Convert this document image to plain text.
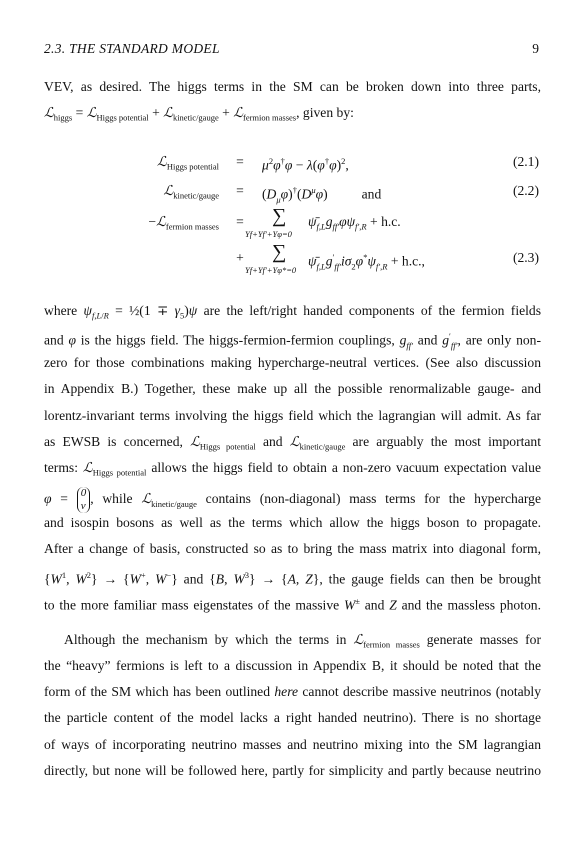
2.3. THE STANDARD MODEL	9
VEV, as desired. The higgs terms in the SM can be broken down into three parts,
ℒ$_{higgs}$ = ℒ$_{Higgs potential}$ + ℒ$_{kinetic/gauge}$ + ℒ$_{fermion masses}$, given by:
ℒ$_{Higgs potential}$	=	$\mu^2\varphi^\dagger\varphi - \lambda(\varphi^\dagger\varphi)^2$,	(2.1)
ℒ$_{kinetic/gauge}$	=	$(D_\mu\varphi)^\dagger(D^\mu\varphi)$          and	(2.2)
−ℒ$_{fermion masses}$	=	∑
Yf+Yf′+Yφ=0
$\psī_{f,L}g_{ff'}\varphi\psi_{f',R} + h.c$.
+	∑
Yf+Yf′+Yφ*=0
$\psī_{f,L}g'_{ff'}i\sigma_2\varphi^*\psi_{f',R} + h.c$.,	(2.3)
where $\psi_{f,L/R}$ = ½(1 ∓ $\gamma_5)\psi$ are the left/right handed components of the fermion fields
and φ is the higgs field. The higgs-fermion-fermion couplings, $g_{ff'}$ and $g'_{ff'}$, are only non-
zero for those combinations making hypercharge-neutral vertices. (See also discussion
in Appendix B.) Together, these make up all the possible renormalizable gauge- and
lorentz-invariant terms involving the higgs field which the lagrangian will admit. As far
as EWSB is concerned, ℒ$_{Higgs potential}$ and ℒ$_{kinetic/gauge}$ are arguably the most important
terms: ℒ$_{Higgs potential}$ allows the higgs field to obtain a non-zero vacuum expectation value
φ = 0
v , while ℒ$_{kinetic/gauge}$ contains (non-diagonal) mass terms for the hypercharge
and isospin bosons as well as the terms which allow the higgs boson to propagate.
After a change of basis, constructed so as to bring the mass matrix into diagonal form,
{$W^1$, $W^2\} \to \{W^+$, W−} and {B, $W^3\} \to \{A$, Z}, the gauge fields can then be brought
to the more familiar mass eigenstates of the massive W± and Z and the massless photon.
Although the mechanism by which the terms in ℒ$_{fermion masses}$ generate masses for
the “heavy” fermions is left to a discussion in Appendix B, it should be noted that the
form of the SM which has been outlined here cannot describe massive neutrinos (notably
the particle content of the model lacks a right handed neutrino). There is no shortage
of ways of incorporating neutrino masses and neutrino mixing into the SM lagrangian
directly, but none will be followed here, partly for simplicity and partly because neutrino
